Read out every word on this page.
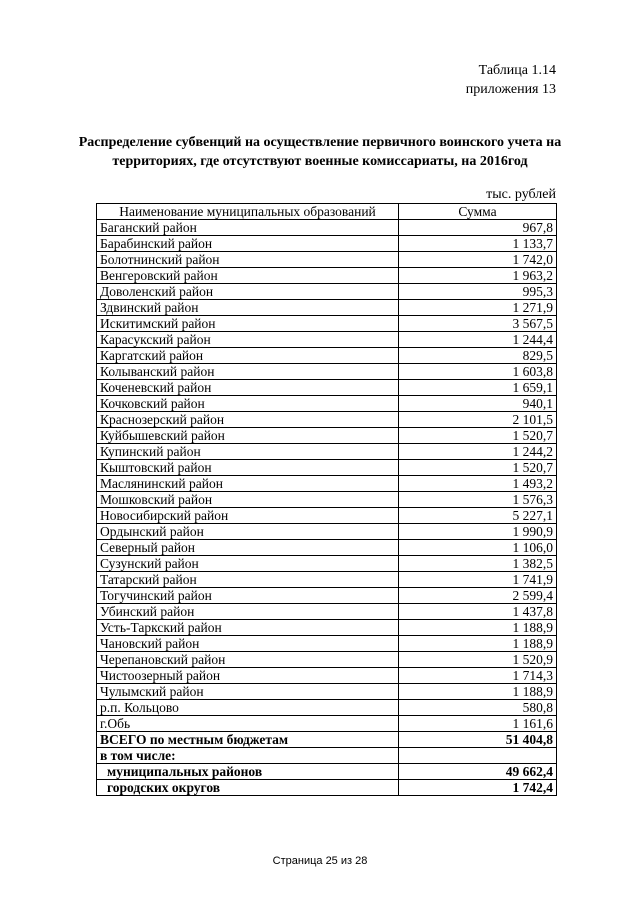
Таблица 1.14
приложения 13
Распределение субвенций на осуществление первичного воинского учета на
территориях, где отсутствуют военные комиссариаты, на 2016год
тыс. рублей
Наименование муниципальных образований	Сумма
Баганский район	967,8
Барабинский район	1 133,7
Болотнинский район	1 742,0
Венгеровский район	1 963,2
Доволенский район	995,3
Здвинский район	1 271,9
Искитимский район	3 567,5
Карасукский район	1 244,4
Каргатский район	829,5
Колыванский район	1 603,8
Коченевский район	1 659,1
Кочковский район	940,1
Краснозерский район	2 101,5
Куйбышевский район	1 520,7
Купинский район	1 244,2
Кыштовский район	1 520,7
Маслянинский район	1 493,2
Мошковский район	1 576,3
Новосибирский район	5 227,1
Ордынский район	1 990,9
Северный район	1 106,0
Сузунский район	1 382,5
Татарский район	1 741,9
Тогучинский район	2 599,4
Убинский район	1 437,8
Усть-Таркский район	1 188,9
Чановский район	1 188,9
Черепановский район	1 520,9
Чистоозерный район	1 714,3
Чулымский район	1 188,9
р.п. Кольцово	580,8
г.Обь	1 161,6
ВСЕГО по местным бюджетам	51 404,8
в том числе:	
муниципальных районов	49 662,4
городских округов	1 742,4
Страница 25 из 28
